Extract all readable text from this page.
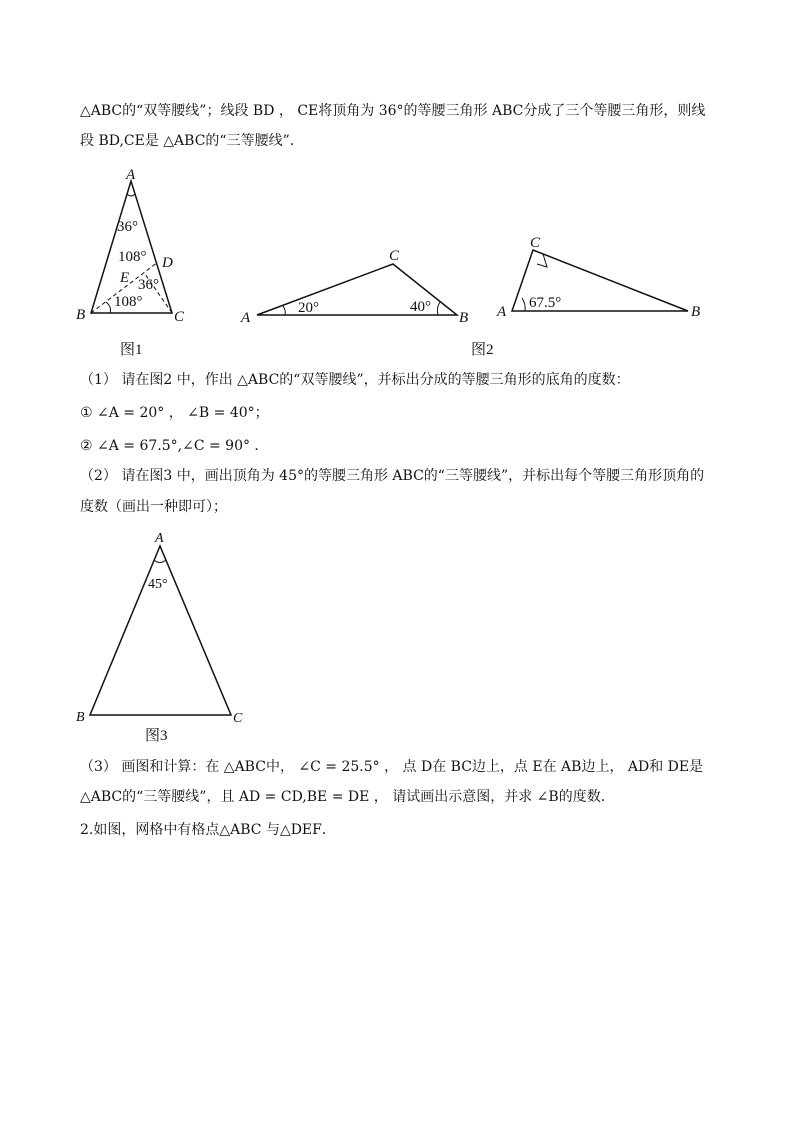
△ABC的“双等腰线”；线段 BD ， CE将顶角为 36°的等腰三角形 ABC分成了三个等腰三角形，则线
段 BD,CE是 △ABC的“三等腰线”．
A
B	C
D
E
36°
108°
36°
108°
图1
A	B
C
20°	40°
图2
A	B
C
67.5°
（1） 请在图2 中，作出 △ABC的“双等腰线”，并标出分成的等腰三角形的底角的度数：
① ∠A = 20° ， ∠B = 40°；
② ∠A = 67.5°,∠C = 90° ．
（2） 请在图3 中，画出顶角为 45°的等腰三角形 ABC的“三等腰线”，并标出每个等腰三角形顶角的
度数（画出一种即可）；
A
B	C
45°
图3
（3） 画图和计算：在 △ABC中， ∠C = 25.5° ， 点 D在 BC边上，点 E在 AB边上， AD和 DE是
△ABC的“三等腰线”，且 AD = CD,BE = DE ， 请试画出示意图，并求 ∠B的度数．
2.如图，网格中有格点△ABC 与△DEF．
